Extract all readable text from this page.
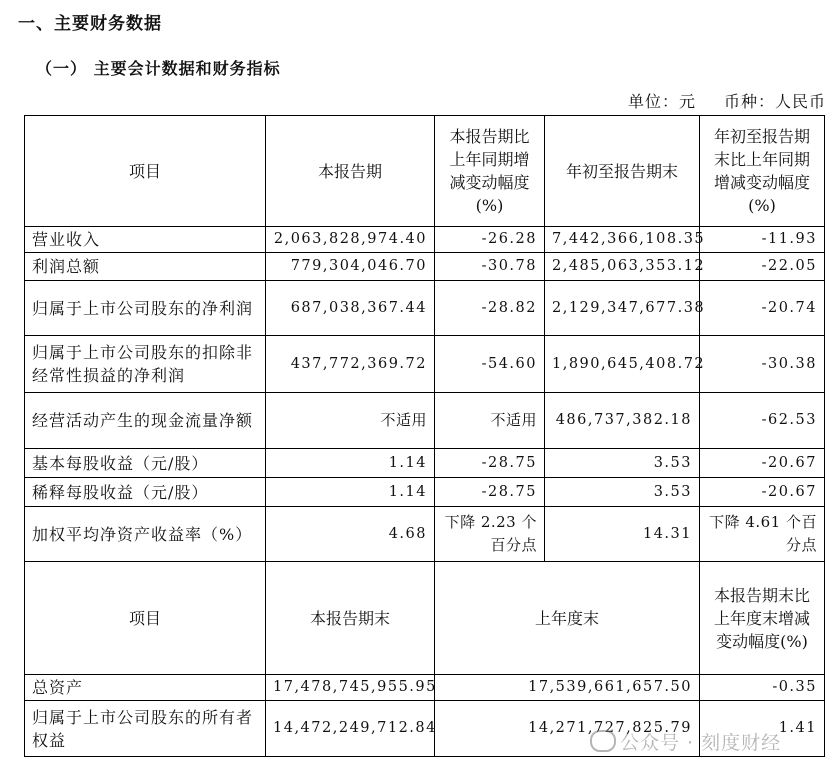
一、主要财务数据
（一） 主要会计数据和财务指标
单位：元 币种：人民币
项目	本报告期	本报告期比上年同期增减变动幅度(%)	年初至报告期末	年初至报告期末比上年同期增减变动幅度(%)
营业收入	2,063,828,974.40	-26.28	7,442,366,108.35	-11.93
利润总额	779,304,046.70	-30.78	2,485,063,353.12	-22.05
归属于上市公司股东的净利润	687,038,367.44	-28.82	2,129,347,677.38	-20.74
归属于上市公司股东的扣除非经常性损益的净利润	437,772,369.72	-54.60	1,890,645,408.72	-30.38
经营活动产生的现金流量净额	不适用	不适用	486,737,382.18	-62.53
基本每股收益（元/股）	1.14	-28.75	3.53	-20.67
稀释每股收益（元/股）	1.14	-28.75	3.53	-20.67
加权平均净资产收益率（%）	4.68	下降 2.23 个百分点	14.31	下降 4.61 个百分点
项目	本报告期末	上年度末		本报告期末比上年度末增减变动幅度(%)
总资产	17,478,745,955.95	17,539,661,657.50		-0.35
归属于上市公司股东的所有者权益	14,472,249,712.84	14,271,727,825.79		1.41
公众号 · 刻度财经
